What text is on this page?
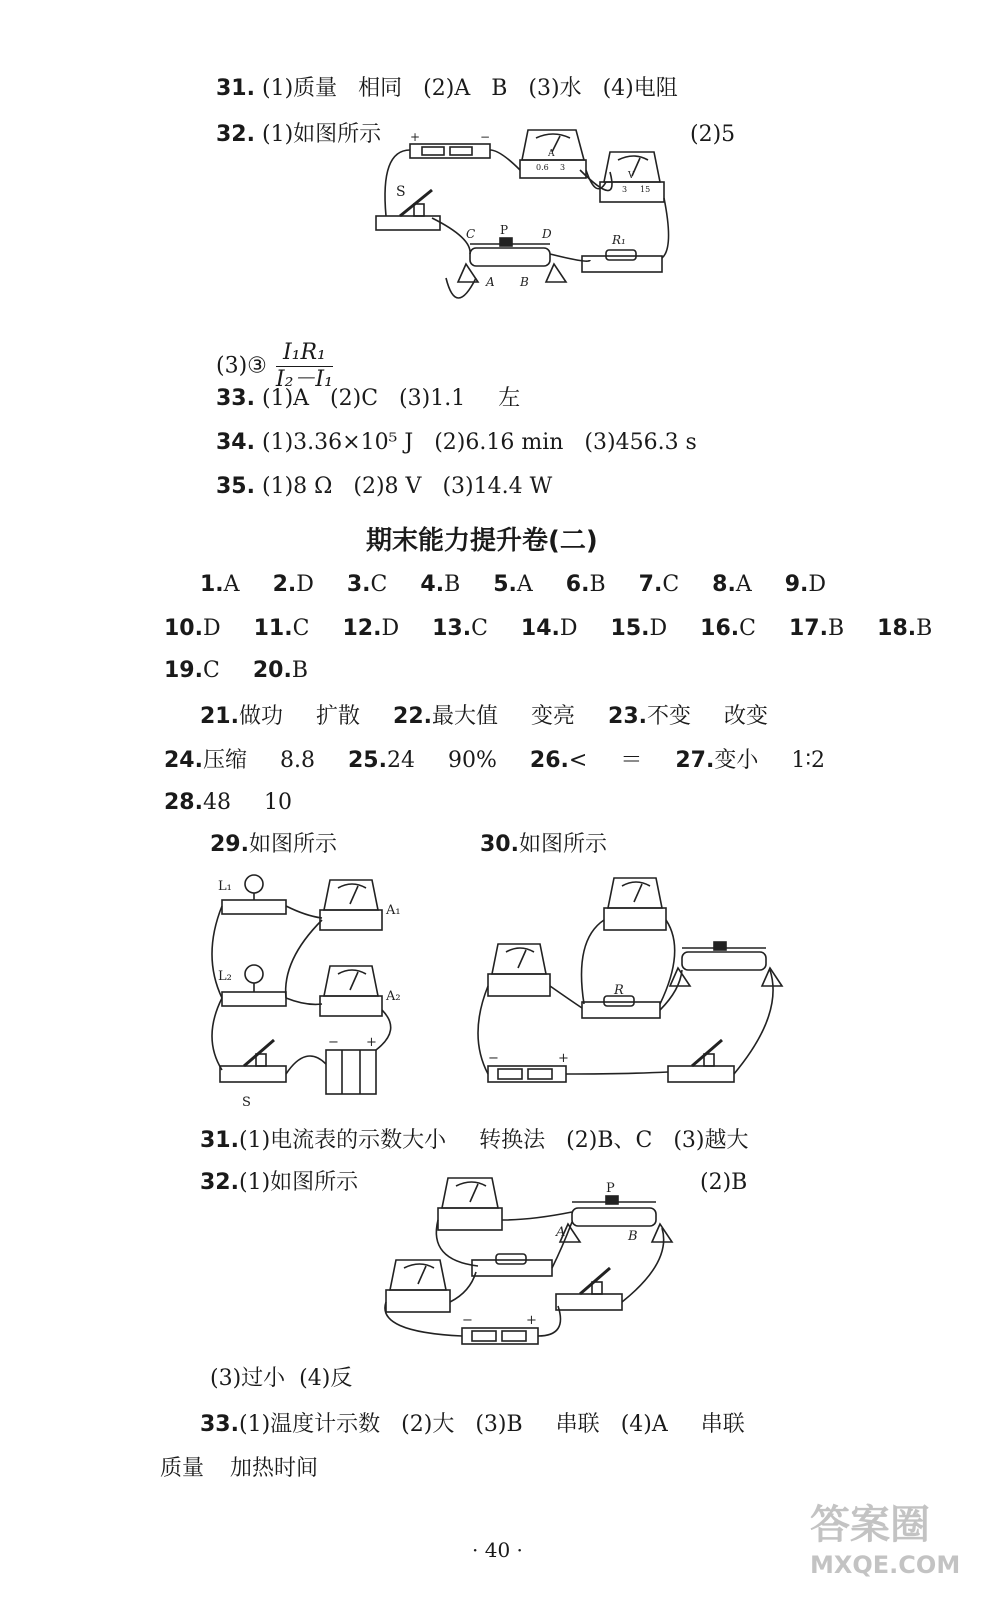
31. (1)质量 相同 (2)A B (3)水 (4)电阻
32. (1)如图所示	(2)5
+	−
S
C P	D
A B
R₁
A
0.6 3
V
3 15
(3)③ $\frac{\text{I₁R₁}}{\text{I₂－I₁}}$
33. (1)A (2)C (3)1.1 左
34. (1)3.36×10⁵ J (2)6.16 min (3)456.3 s
35. (1)8 Ω (2)8 V (3)14.4 W
期末能力提升卷(二)
1.A 2.D 3.C 4.B 5.A 6.B 7.C 8.A 9.D
10.D 11.C 12.D 13.C 14.D 15.D 16.C 17.B 18.B
19.C 20.B
21.做功 扩散 22.最大值 变亮 23.不变 改变
24.压缩 8.8 25.24 90% 26.< ＝ 27.变小 1∶2
28.48 10
29.如图所示	30.如图所示
L₁
L₂
A₁
A₂
S
− +
R
−	+
31.(1)电流表的示数大小 转换法 (2)B、C (3)越大
32.(1)如图所示	(2)B
P
A	B
−	+
(3)过小 (4)反
33.(1)温度计示数 (2)大 (3)B 串联 (4)A 串联
质量 加热时间
· 40 ·
答案圈
MXQE.COM
